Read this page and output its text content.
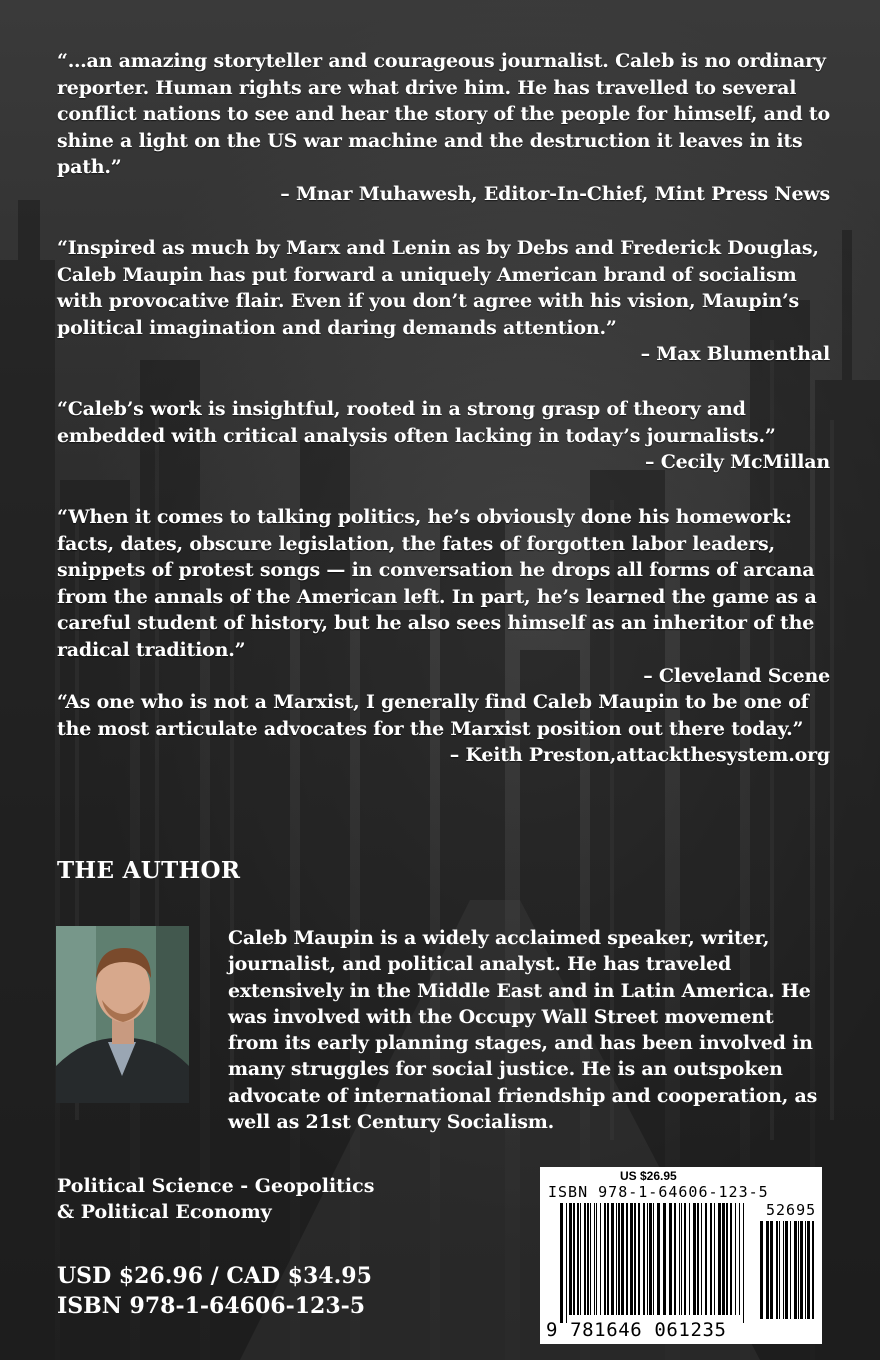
“…an amazing storyteller and courageous journalist. Caleb is no ordinary reporter. Human rights are what drive him. He has travelled to several conflict nations to see and hear the story of the people for himself, and to shine a light on the US war machine and the destruction it leaves in its path.”
– Mnar Muhawesh, Editor-In-Chief, Mint Press News
“Inspired as much by Marx and Lenin as by Debs and Frederick Douglas, Caleb Maupin has put forward a uniquely American brand of socialism with provocative flair. Even if you don’t agree with his vision, Maupin’s political imagination and daring demands attention.”
– Max Blumenthal
“Caleb’s work is insightful, rooted in a strong grasp of theory and embedded with critical analysis often lacking in today’s journalists.”
– Cecily McMillan
“When it comes to talking politics, he’s obviously done his homework: facts, dates, obscure legislation, the fates of forgotten labor leaders, snippets of protest songs — in conversation he drops all forms of arcana from the annals of the American left. In part, he’s learned the game as a careful student of history, but he also sees himself as an inheritor of the radical tradition.”
– Cleveland Scene
“As one who is not a Marxist, I generally find Caleb Maupin to be one of the most articulate advocates for the Marxist position out there today.”
– Keith Preston,attackthesystem.org
THE AUTHOR
Caleb Maupin is a widely acclaimed speaker, writer, journalist, and political analyst. He has traveled extensively in the Middle East and in Latin America. He was involved with the Occupy Wall Street movement from its early planning stages, and has been involved in many struggles for social justice. He is an outspoken advocate of international friendship and cooperation, as well as 21st Century Socialism.
Political Science - Geopolitics & Political Economy
USD $26.96 / CAD $34.95
ISBN 978-1-64606-123-5
US $26.95
ISBN 978-1-64606-123-5
52695
9 781646 061235
